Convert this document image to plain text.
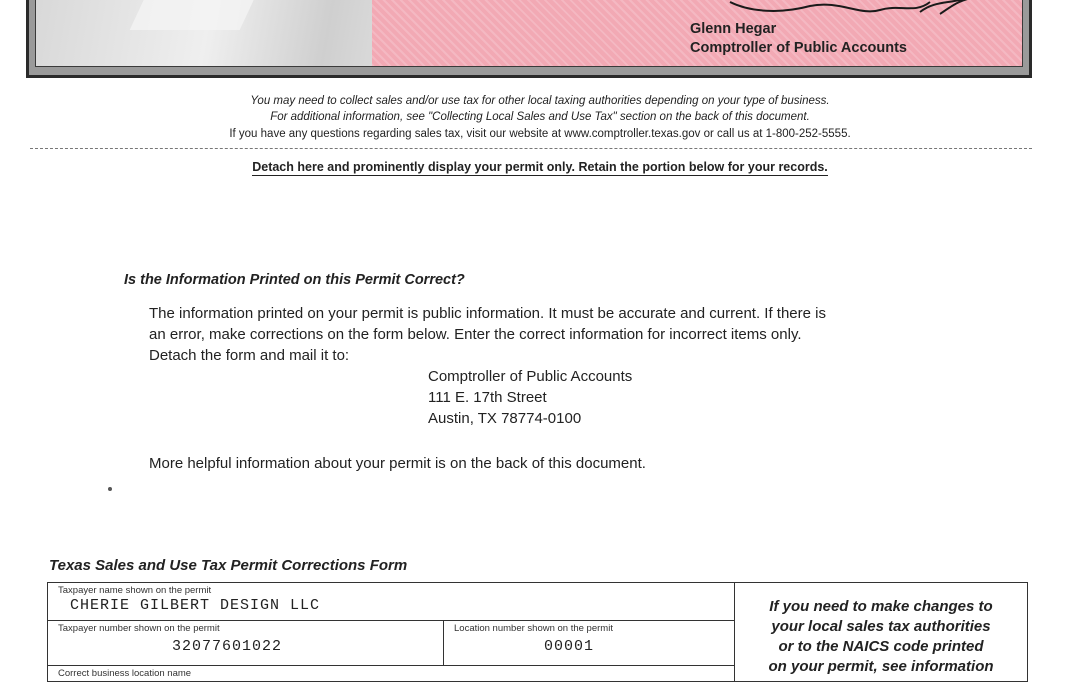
Glenn Hegar
Comptroller of Public Accounts
You may need to collect sales and/or use tax for other local taxing authorities depending on your type of business.
For additional information, see "Collecting Local Sales and Use Tax" section on the back of this document.
If you have any questions regarding sales tax, visit our website at www.comptroller.texas.gov or call us at 1-800-252-5555.
Detach here and prominently display your permit only. Retain the portion below for your records.

Is the Information Printed on this Permit Correct?
The information printed on your permit is public information. It must be accurate and current. If there is
an error, make corrections on the form below. Enter the correct information for incorrect items only.
Detach the form and mail it to:
Comptroller of Public Accounts
111 E. 17th Street
Austin, TX 78774-0100
More helpful information about your permit is on the back of this document.
Texas Sales and Use Tax Permit Corrections Form
Taxpayer name shown on the permit
CHERIE GILBERT DESIGN LLC
Taxpayer number shown on the permit
32077601022
Location number shown on the permit
00001
Correct business location name
If you need to make changes to
your local sales tax authorities
or to the NAICS code printed
on your permit, see information
